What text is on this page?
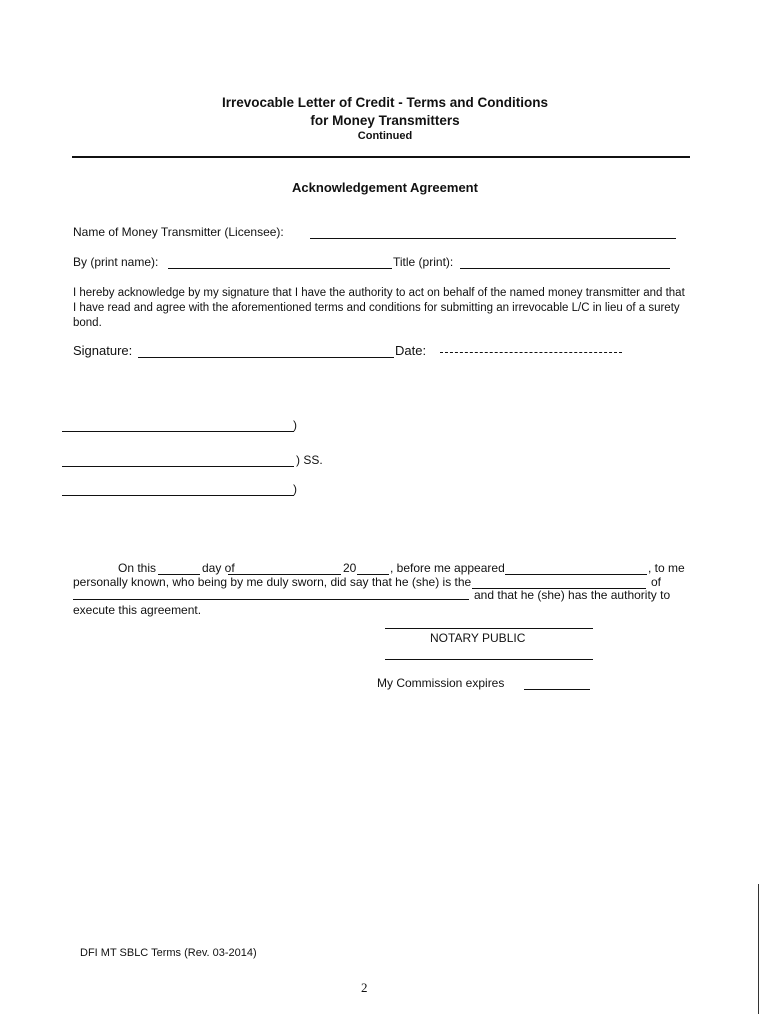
Irrevocable Letter of Credit - Terms and Conditions
for Money Transmitters
Continued
Acknowledgement Agreement
Name of Money Transmitter (Licensee):
By (print name):	Title (print):
I hereby acknowledge by my signature that I have the authority to act on behalf of the named money transmitter and that I have read and agree with the aforementioned terms and conditions for submitting an irrevocable L/C in lieu of a surety bond.
Signature:	Date:
)
) SS.
)
On this	day of	20	, before me appeared	, to me
personally known, who being by me duly sworn, did say that he (she) is the	of
and that he (she) has the authority to
execute this agreement.
NOTARY PUBLIC
My Commission expires
DFI MT SBLC Terms (Rev. 03-2014)
2
